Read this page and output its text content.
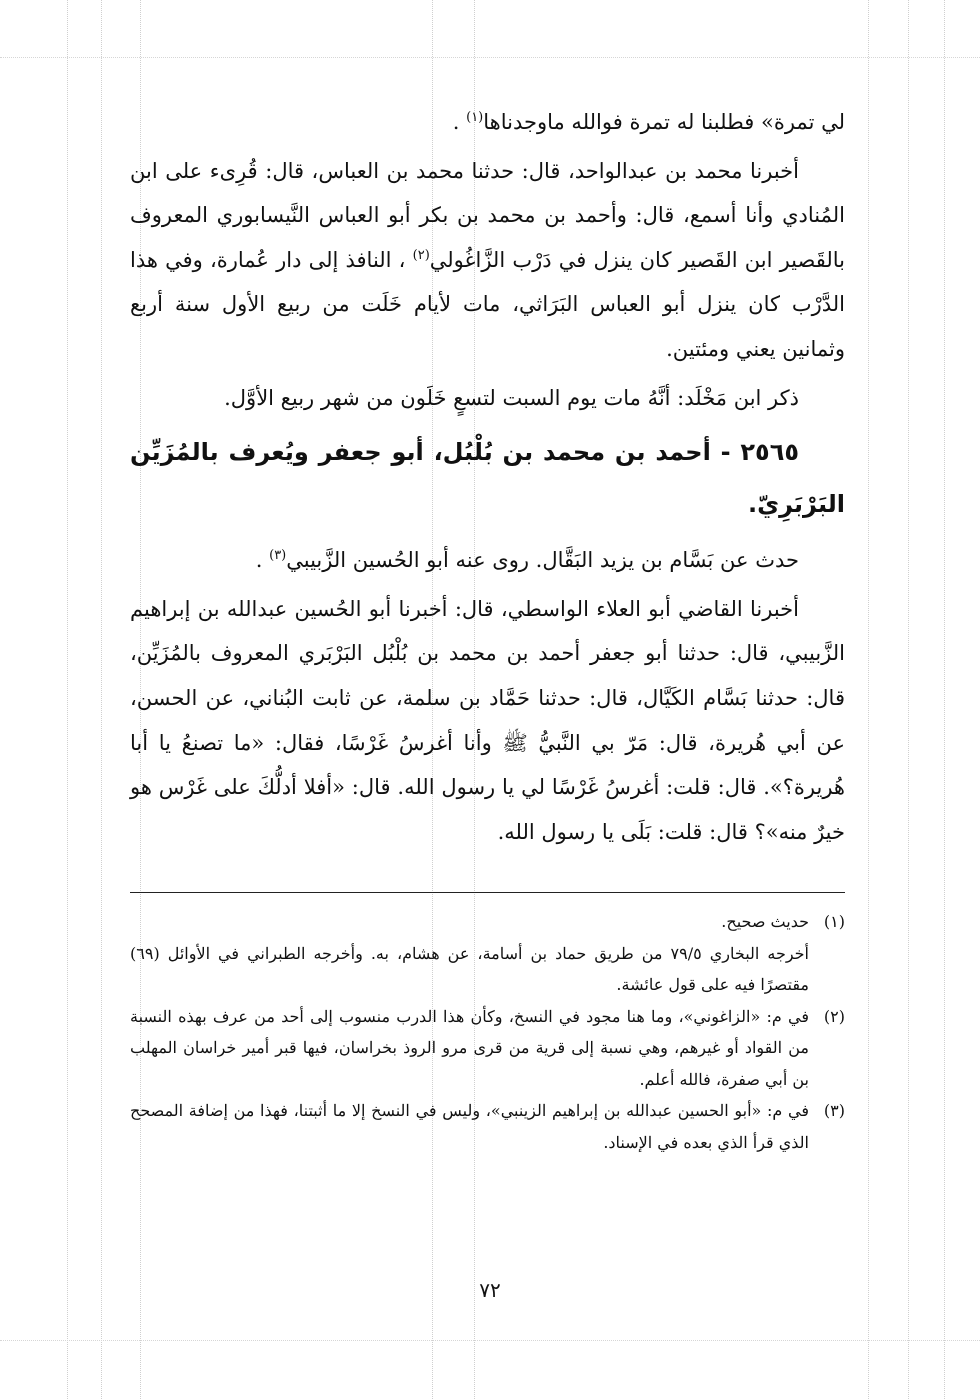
لي تمرة» فطلبنا له تمرة فوالله ماوجدناها$^{(١)}$ .

أخبرنا محمد بن عبدالواحد، قال: حدثنا محمد بن العباس، قال: قُرِىء على ابن المُنادي وأنا أسمع، قال: وأحمد بن محمد بن بكر أبو العباس النَّيسابوري المعروف بالقَصير ابن القَصير كان ينزل في دَرْب الزَّاغُولي$^{(٢)}$ ، النافذ إلى دار عُمارة، وفي هذا الدَّرْب كان ينزل أبو العباس البَرَاثي، مات لأيام خَلَت من ربيع الأول سنة أربع وثمانين يعني ومئتين.

ذكر ابن مَخْلَد: أنَّهُ مات يوم السبت لتسعٍ خَلَون من شهر ربيع الأوَّل.

٢٥٦٥ - أحمد بن محمد بن بُلْبُل، أبو جعفر ويُعرف بالمُزَيِّن البَرْبَرِيّ.

حدث عن بَسَّام بن يزيد البَقَّال. روى عنه أبو الحُسين الزَّبيبي$^{(٣)}$ .

أخبرنا القاضي أبو العلاء الواسطي، قال: أخبرنا أبو الحُسين عبدالله بن إبراهيم الزَّبيبي، قال: حدثنا أبو جعفر أحمد بن محمد بن بُلْبُل البَرْبَري المعروف بالمُزَيِّن، قال: حدثنا بَسَّام الكَيَّال، قال: حدثنا حَمَّاد بن سلمة، عن ثابت البُناني، عن الحسن، عن أبي هُريرة، قال: مَرّ بي النَّبيُّ ﷺ وأنا أغرسُ غَرْسًا، فقال: «ما تصنعُ يا أبا هُريرة؟». قال: قلت: أغرسُ غَرْسًا لي يا رسول الله. قال: «أفلا أدلُّكَ على غَرْس هو خيرٌ منه»؟ قال: قلت: بَلَى يا رسول الله.

(١)
حديث صحيح.
أخرجه البخاري ٧٩/٥ من طريق حماد بن أسامة، عن هشام، به. وأخرجه الطبراني في الأوائل (٦٩) مقتصرًا فيه على قول عائشة.
(٢)
في م: «الزاغوني»، وما هنا مجود في النسخ، وكأن هذا الدرب منسوب إلى أحد من عرف بهذه النسبة من القواد أو غيرهم، وهي نسبة إلى قرية من قرى مرو الروذ بخراسان، فيها قبر أمير خراسان المهلب بن أبي صفرة، فالله أعلم.
(٣)
في م: «أبو الحسين عبدالله بن إبراهيم الزينبي»، وليس في النسخ إلا ما أثبتنا، فهذا من إضافة المصحح الذي قرأ الذي بعده في الإسناد.
٧٢
